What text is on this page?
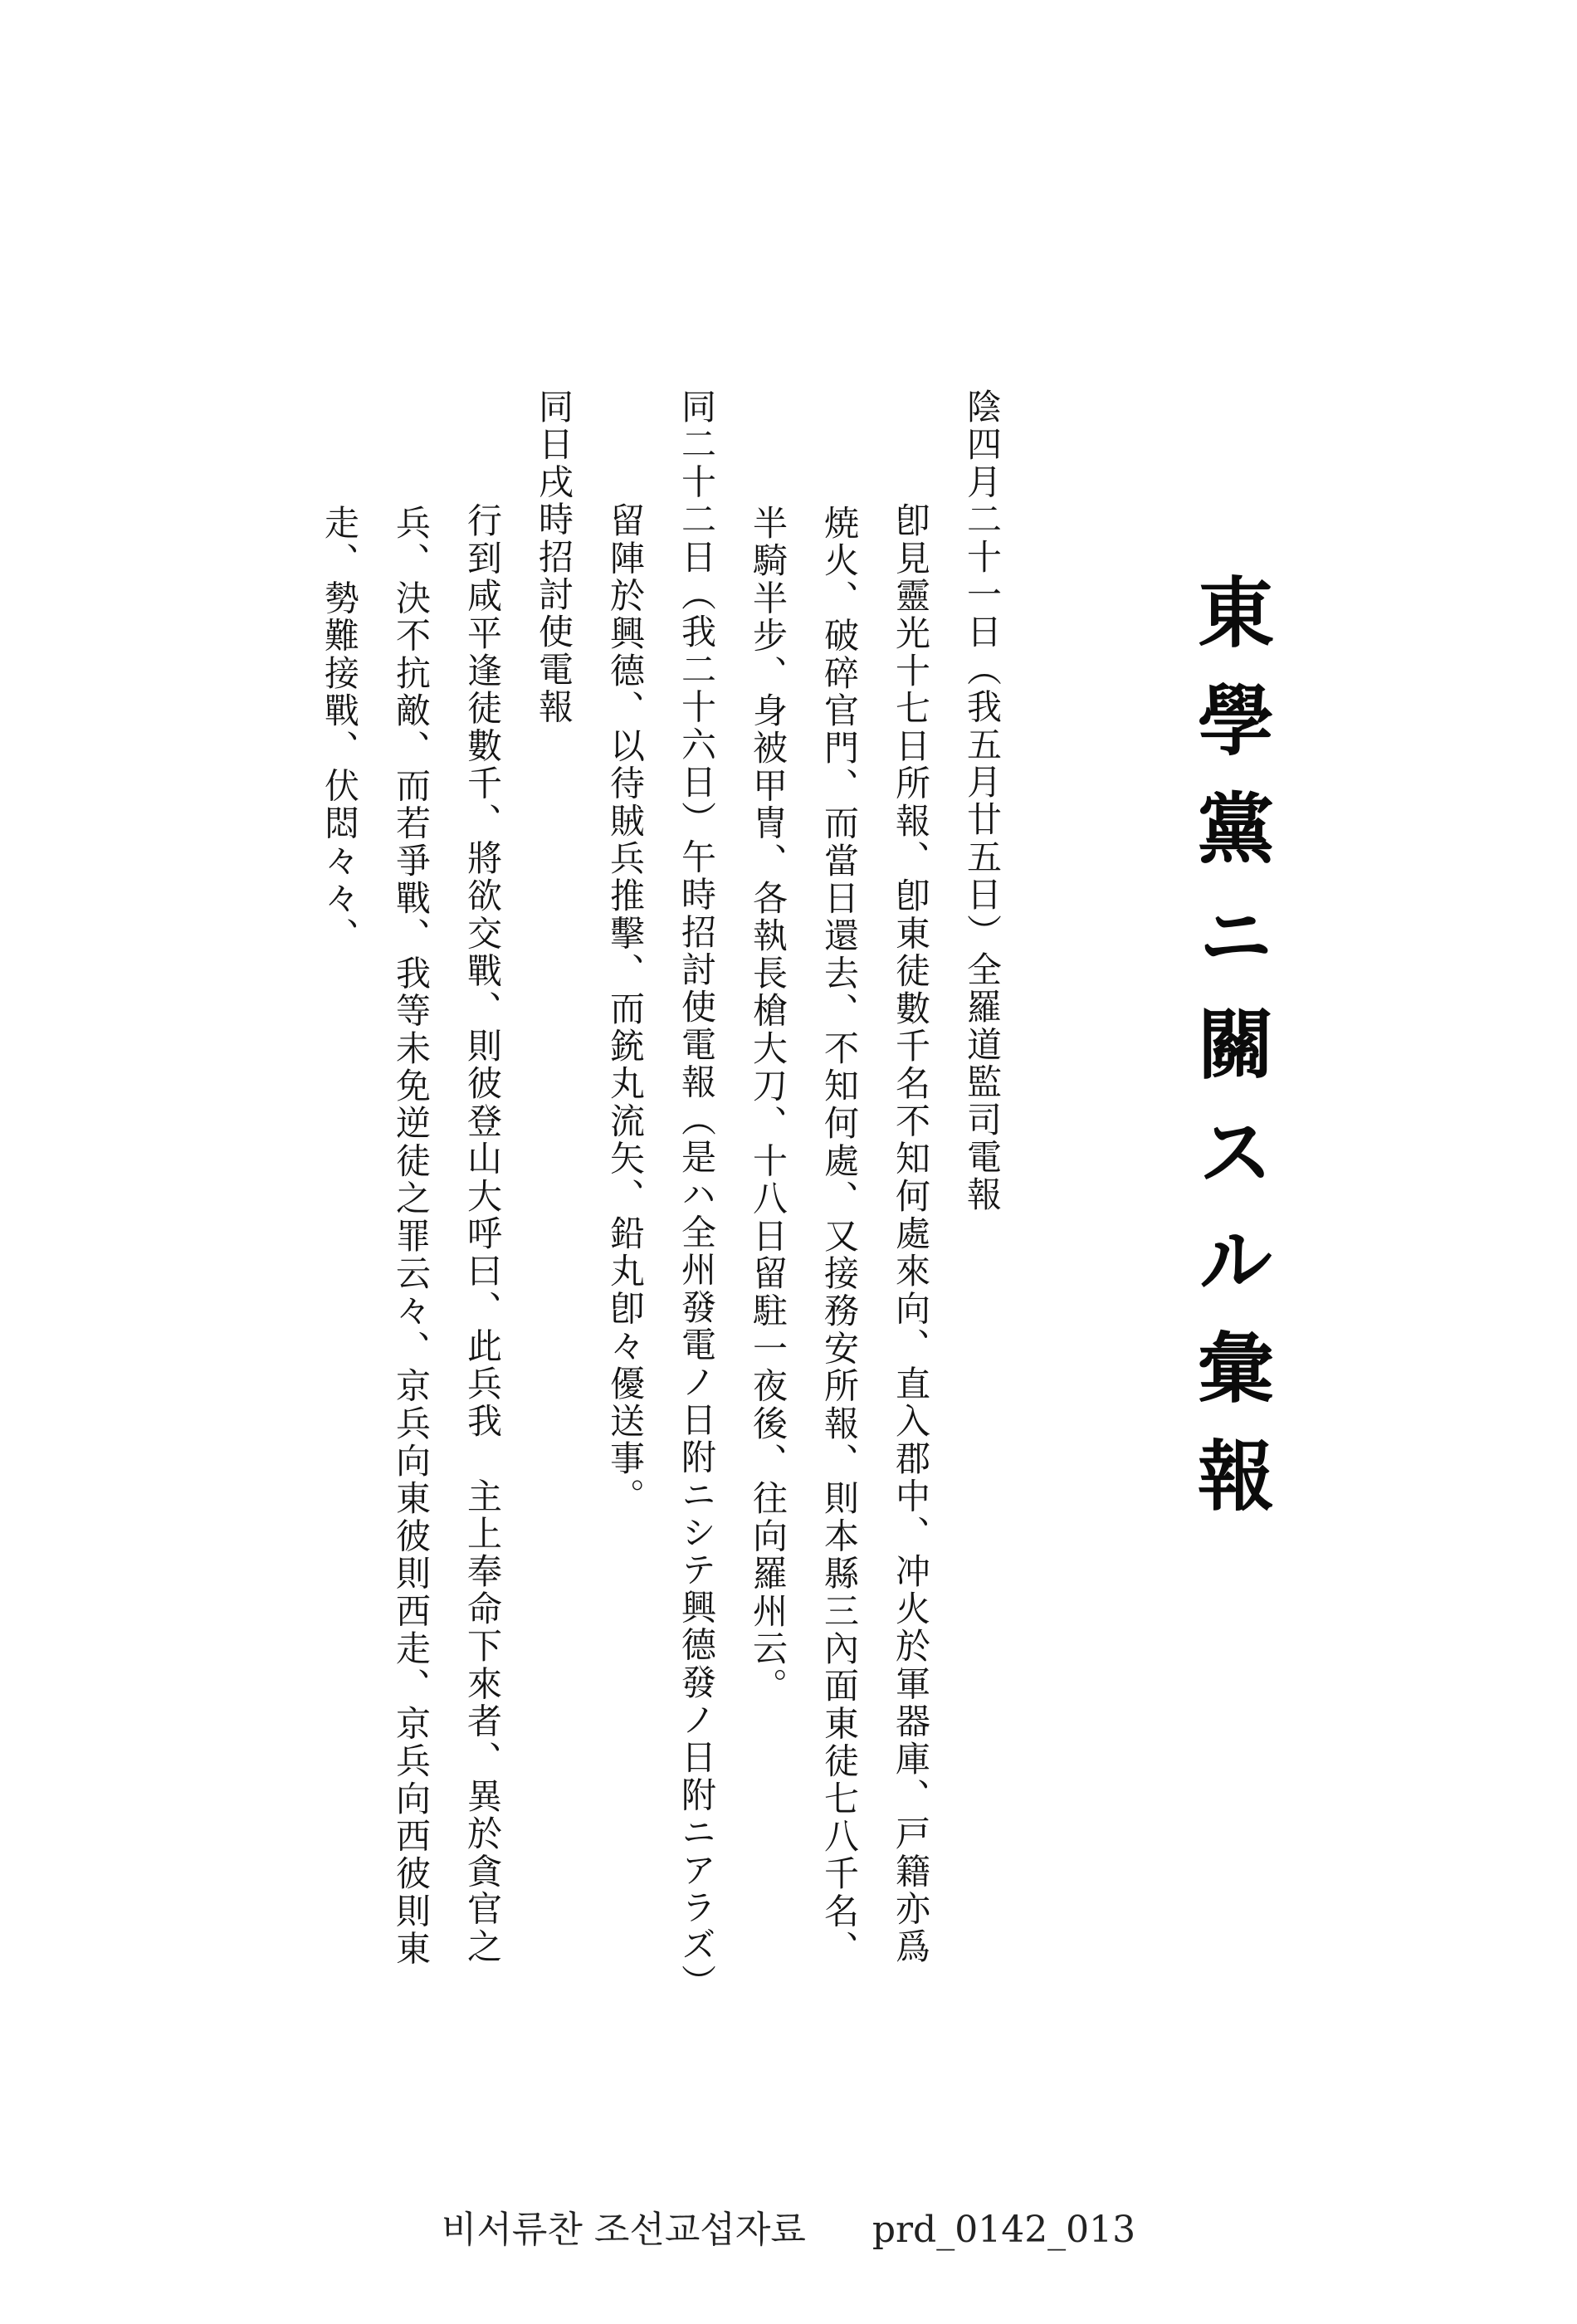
東學黨ニ關スル彙報
陰四月二十一日（我五月廿五日）全羅道監司電報
　卽見靈光十七日所報、卽東徒數千名不知何處來向、直入郡中、冲火於軍器庫、戸籍亦爲
焼火、破碎官門、而當日還去、不知何處、又接務安所報、則本縣三內面東徒七八千名、
半騎半步、身被甲冑、各執長槍大刀、十八日留駐一夜後、往向羅州云。
同二十二日（我二十六日）午時招討使電報（是ハ全州發電ノ日附ニシテ興德發ノ日附ニアラズ）
　留陣於興德、以待賊兵推擊、而銃丸流矢、鉛丸卽々優送事。
同日戌時招討使電報
　行到咸平逢徒數千、將欲交戰、則彼登山大呼曰、此兵我　主上奉命下來者、異於貪官之
兵、決不抗敵、而若爭戰、我等未免逆徒之罪云々、京兵向東彼則西走、京兵向西彼則東
走、勢難接戰、伏悶々々、
비서류찬 조선교섭자료 prd_0142_013
